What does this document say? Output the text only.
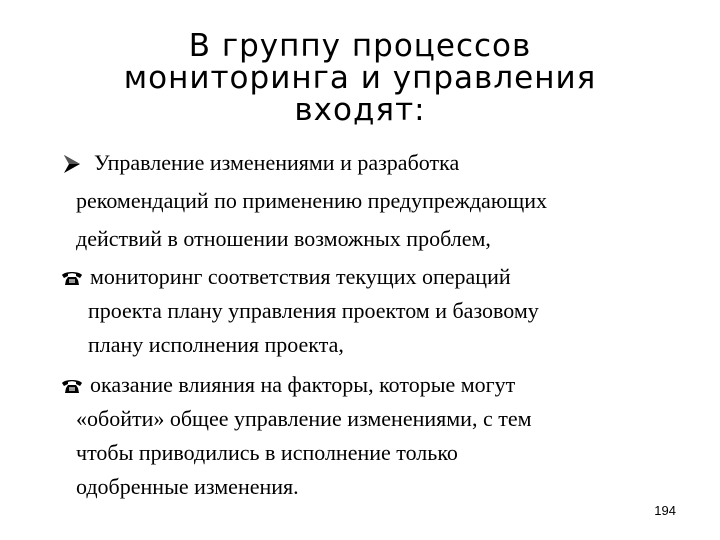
В группу процессов
мониторинга и управления
входят:
Управление изменениями и разработка
рекомендаций по применению предупреждающих
действий в отношении возможных проблем,
мониторинг соответствия текущих операций
проекта плану управления проектом и базовому
плану исполнения проекта,
оказание влияния на факторы, которые могут
«обойти» общее управление изменениями, с тем
чтобы приводились в исполнение только
одобренные изменения.
194
